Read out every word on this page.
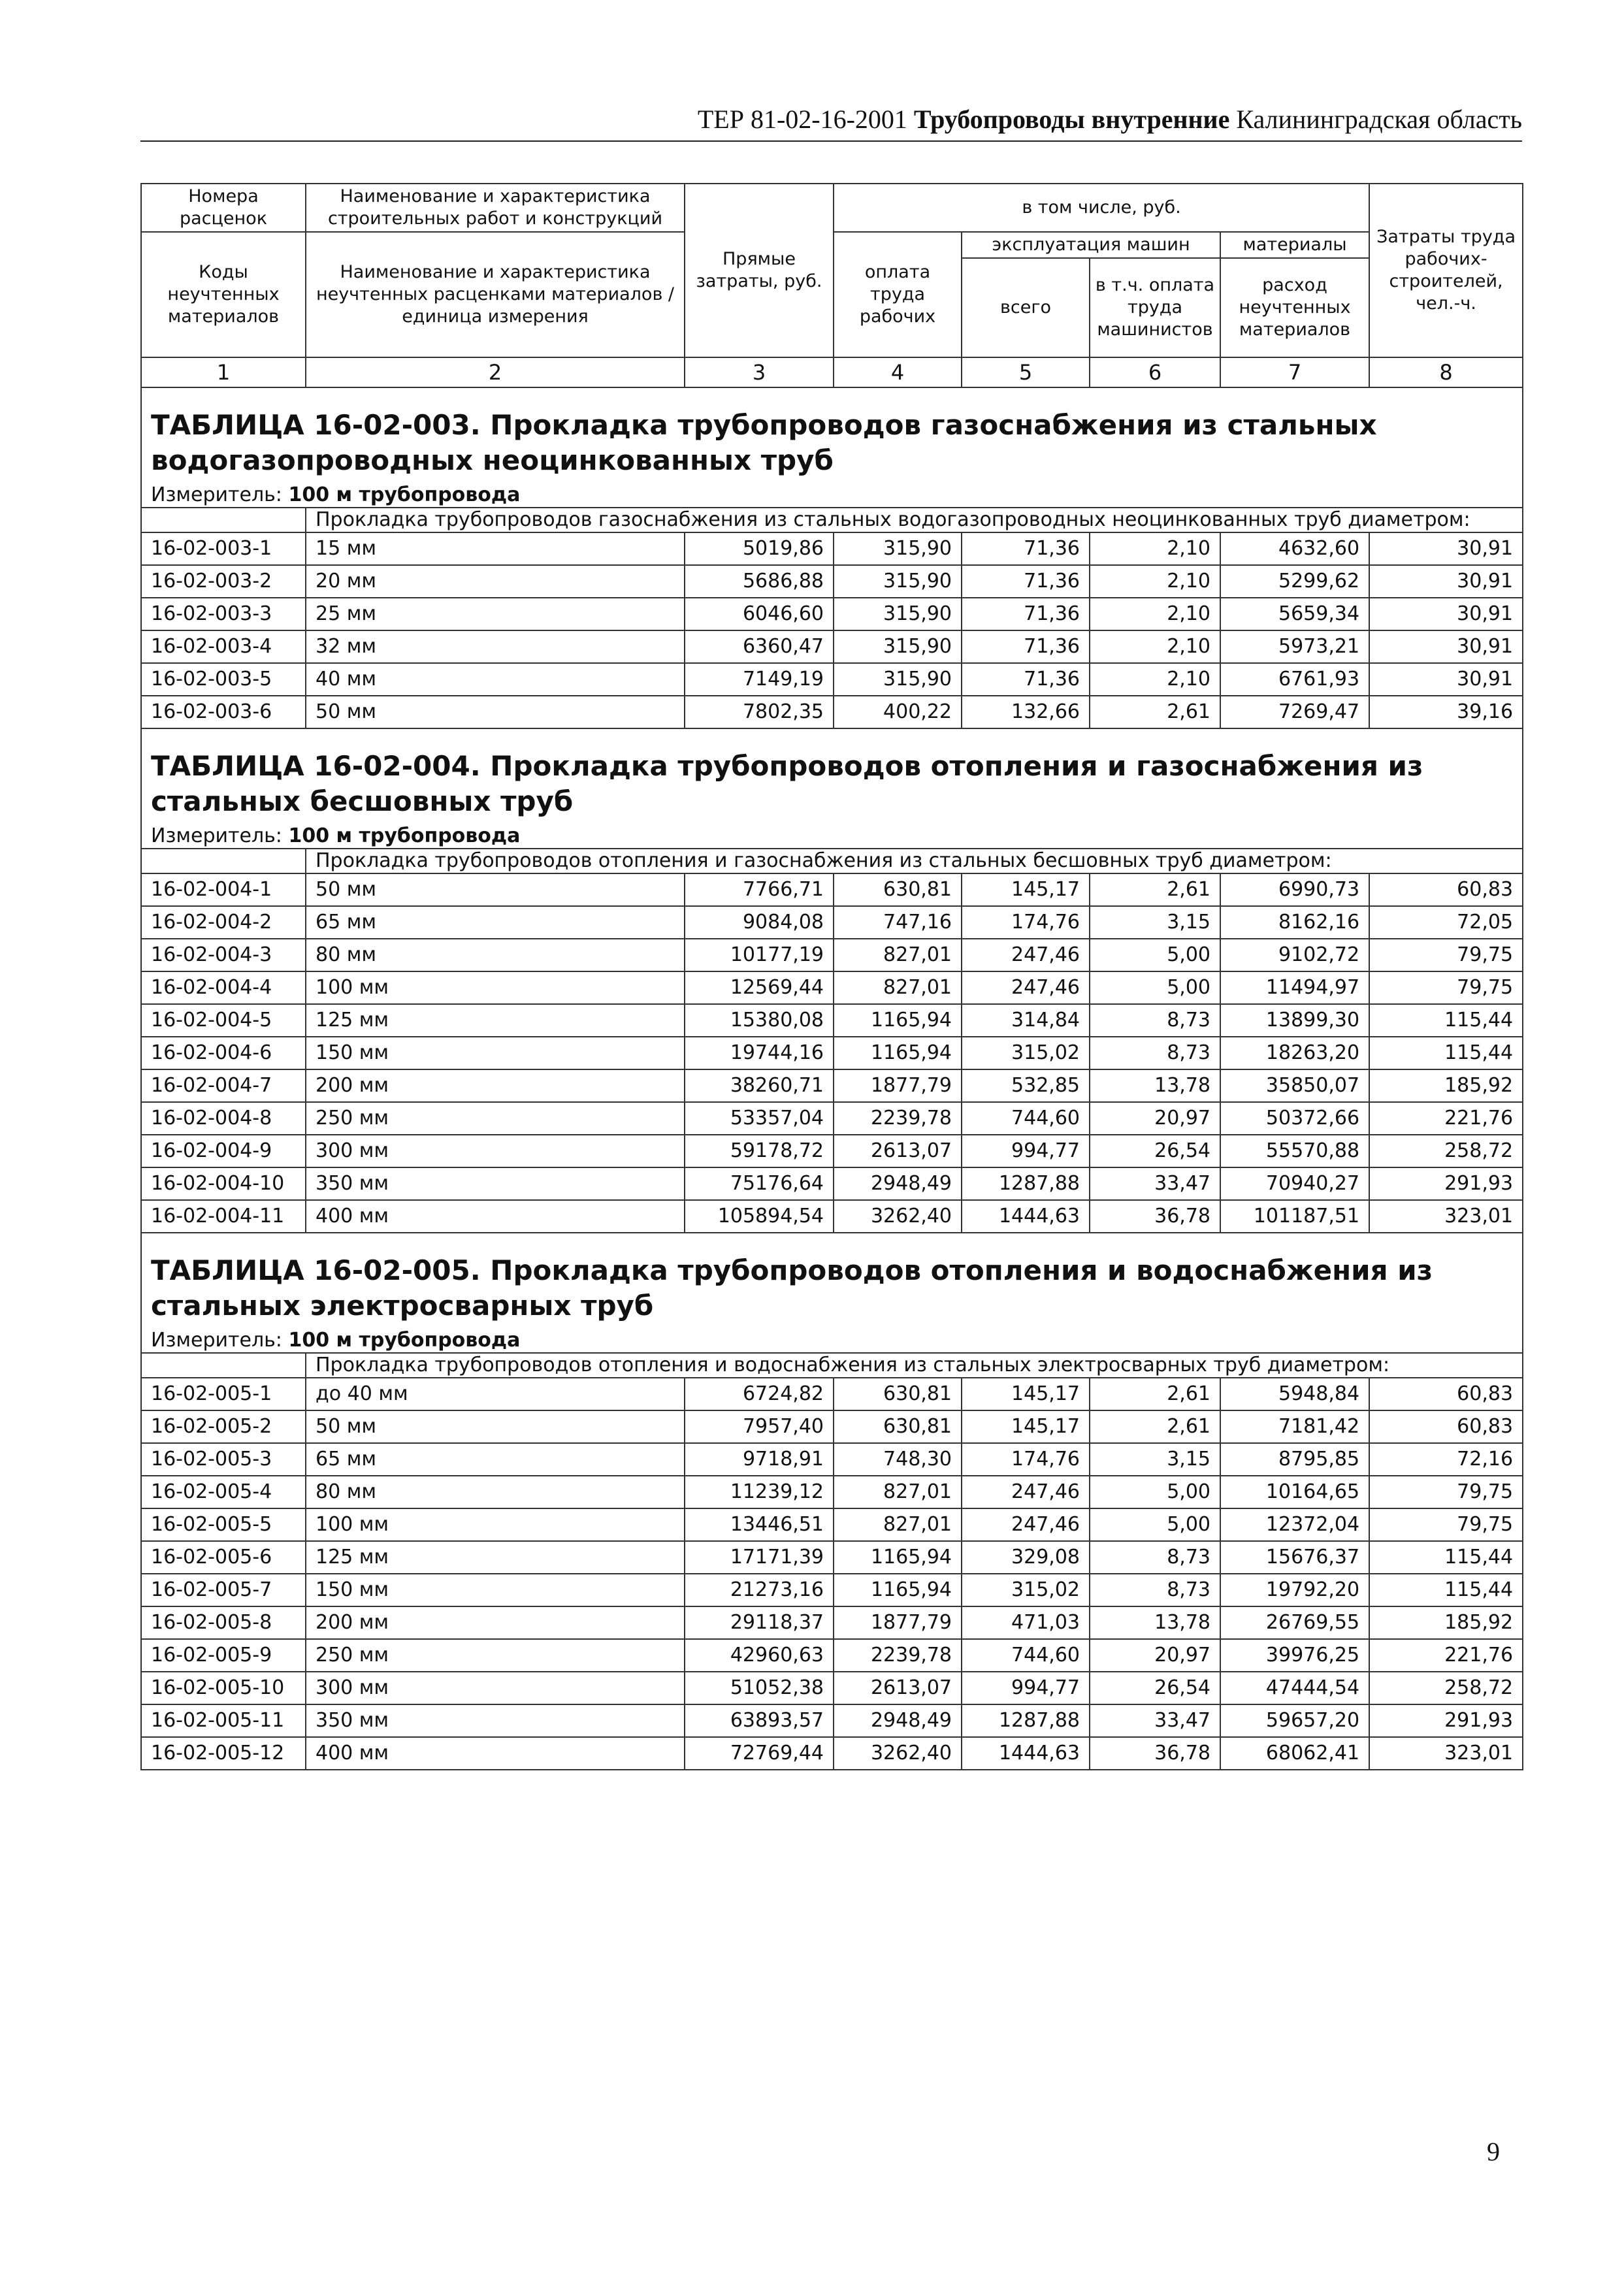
ТЕР 81-02-16-2001 Трубопроводы внутренние Калининградская область
Номера расценок	Наименование и характеристика строительных работ и конструкций	Прямые затраты, руб.	в том числе, руб.				Затраты труда рабочих-строителей, чел.-ч.
Коды неучтенных материалов	Наименование и характеристика неучтенных расценками материалов / единица измерения		оплата труда рабочих	эксплуатация машин		материалы	
				всего	в т.ч. оплата труда машинистов	расход неучтенных материалов	
1	2	3	4	5	6	7	8

ТАБЛИЦА 16-02-003. Прокладка трубопроводов газоснабжения из стальных водогазопроводных неоцинкованных труб							

Измеритель: 100 м трубопровода							
	Прокладка трубопроводов газоснабжения из стальных водогазопроводных неоцинкованных труб диаметром:						
16-02-003-1	15 мм	5019,86	315,90	71,36	2,10	4632,60	30,91
16-02-003-2	20 мм	5686,88	315,90	71,36	2,10	5299,62	30,91
16-02-003-3	25 мм	6046,60	315,90	71,36	2,10	5659,34	30,91
16-02-003-4	32 мм	6360,47	315,90	71,36	2,10	5973,21	30,91
16-02-003-5	40 мм	7149,19	315,90	71,36	2,10	6761,93	30,91
16-02-003-6	50 мм	7802,35	400,22	132,66	2,61	7269,47	39,16

ТАБЛИЦА 16-02-004. Прокладка трубопроводов отопления и газоснабжения из стальных бесшовных труб							

Измеритель: 100 м трубопровода							
	Прокладка трубопроводов отопления и газоснабжения из стальных бесшовных труб диаметром:						
16-02-004-1	50 мм	7766,71	630,81	145,17	2,61	6990,73	60,83
16-02-004-2	65 мм	9084,08	747,16	174,76	3,15	8162,16	72,05
16-02-004-3	80 мм	10177,19	827,01	247,46	5,00	9102,72	79,75
16-02-004-4	100 мм	12569,44	827,01	247,46	5,00	11494,97	79,75
16-02-004-5	125 мм	15380,08	1165,94	314,84	8,73	13899,30	115,44
16-02-004-6	150 мм	19744,16	1165,94	315,02	8,73	18263,20	115,44
16-02-004-7	200 мм	38260,71	1877,79	532,85	13,78	35850,07	185,92
16-02-004-8	250 мм	53357,04	2239,78	744,60	20,97	50372,66	221,76
16-02-004-9	300 мм	59178,72	2613,07	994,77	26,54	55570,88	258,72
16-02-004-10	350 мм	75176,64	2948,49	1287,88	33,47	70940,27	291,93
16-02-004-11	400 мм	105894,54	3262,40	1444,63	36,78	101187,51	323,01

ТАБЛИЦА 16-02-005. Прокладка трубопроводов отопления и водоснабжения из стальных электросварных труб							

Измеритель: 100 м трубопровода							
	Прокладка трубопроводов отопления и водоснабжения из стальных электросварных труб диаметром:						
16-02-005-1	до 40 мм	6724,82	630,81	145,17	2,61	5948,84	60,83
16-02-005-2	50 мм	7957,40	630,81	145,17	2,61	7181,42	60,83
16-02-005-3	65 мм	9718,91	748,30	174,76	3,15	8795,85	72,16
16-02-005-4	80 мм	11239,12	827,01	247,46	5,00	10164,65	79,75
16-02-005-5	100 мм	13446,51	827,01	247,46	5,00	12372,04	79,75
16-02-005-6	125 мм	17171,39	1165,94	329,08	8,73	15676,37	115,44
16-02-005-7	150 мм	21273,16	1165,94	315,02	8,73	19792,20	115,44
16-02-005-8	200 мм	29118,37	1877,79	471,03	13,78	26769,55	185,92
16-02-005-9	250 мм	42960,63	2239,78	744,60	20,97	39976,25	221,76
16-02-005-10	300 мм	51052,38	2613,07	994,77	26,54	47444,54	258,72
16-02-005-11	350 мм	63893,57	2948,49	1287,88	33,47	59657,20	291,93
16-02-005-12	400 мм	72769,44	3262,40	1444,63	36,78	68062,41	323,01
9
